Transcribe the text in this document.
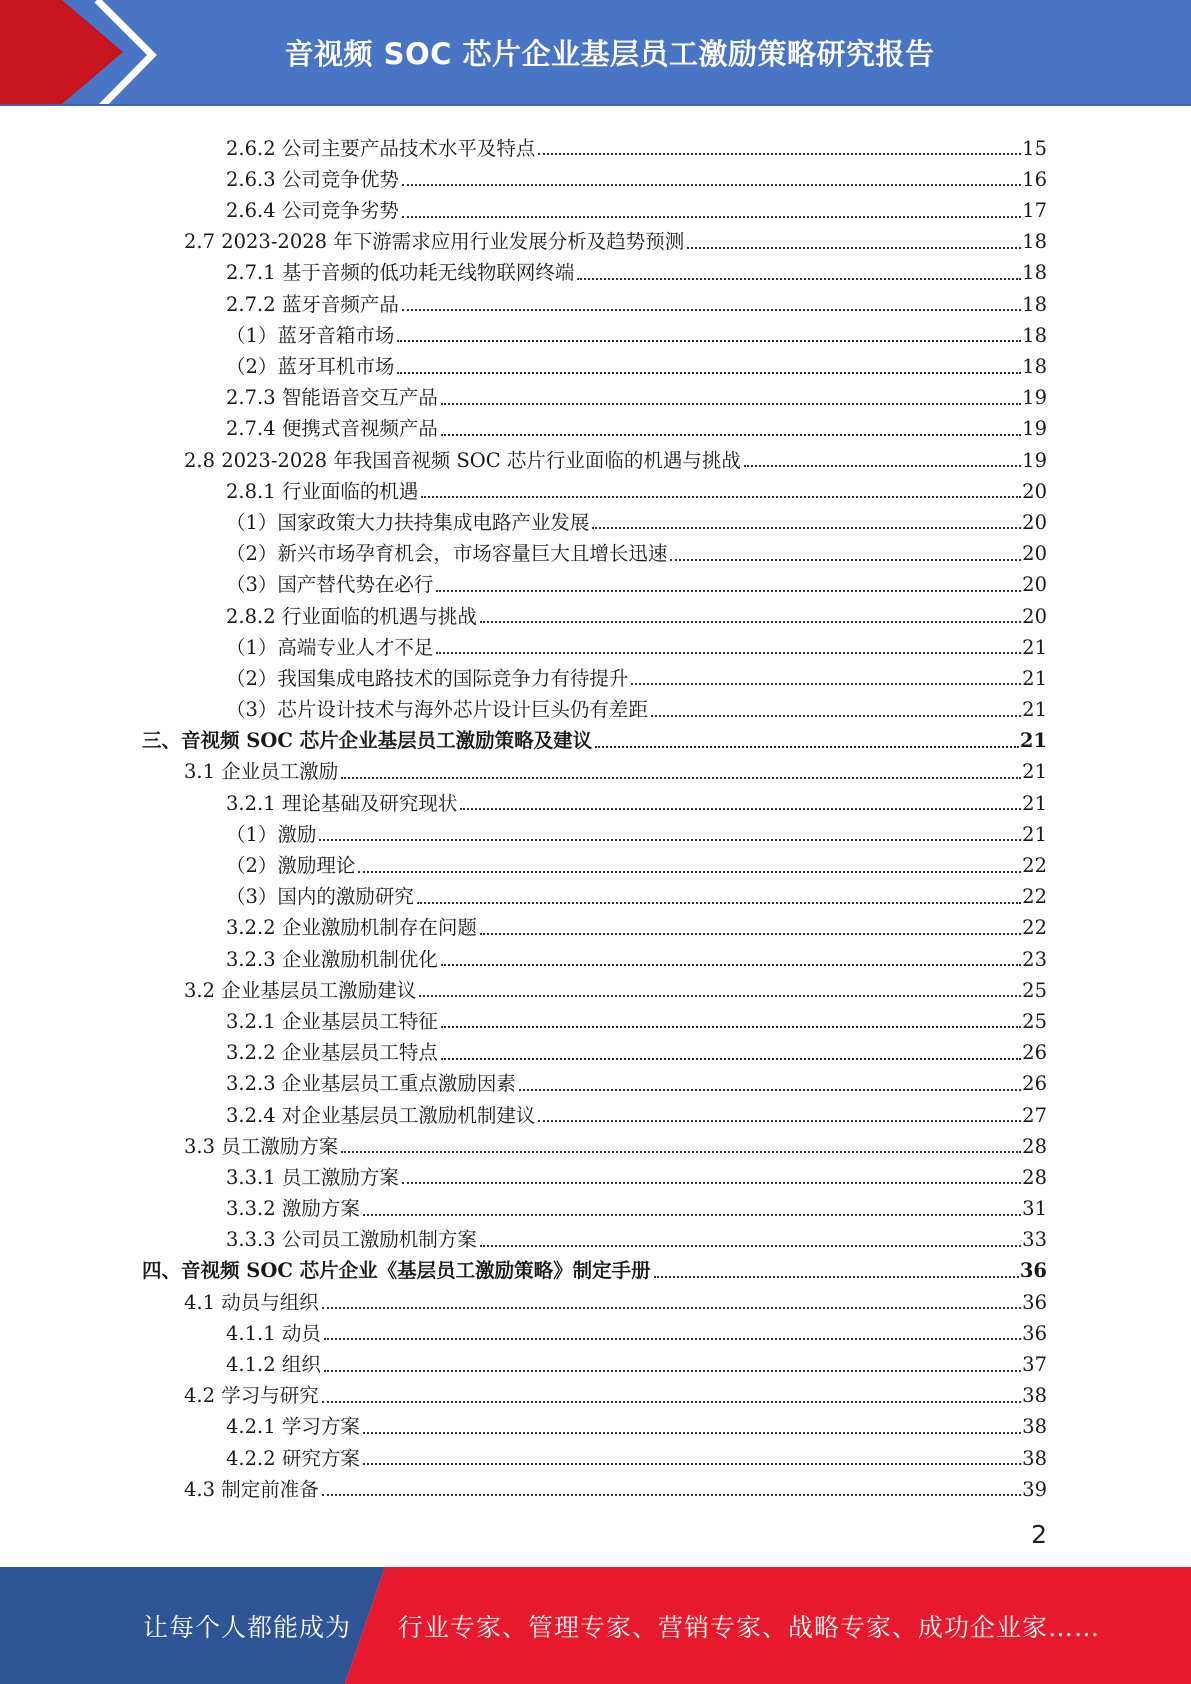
音视频 SOC 芯片企业基层员工激励策略研究报告
2.6.2 公司主要产品技术水平及特点	15
2.6.3 公司竞争优势	16
2.6.4 公司竞争劣势	17
2.7 2023-2028 年下游需求应用行业发展分析及趋势预测	18
2.7.1 基于音频的低功耗无线物联网终端	18
2.7.2 蓝牙音频产品	18
（1）蓝牙音箱市场	18
（2）蓝牙耳机市场	18
2.7.3 智能语音交互产品	19
2.7.4 便携式音视频产品	19
2.8 2023-2028 年我国音视频 SOC 芯片行业面临的机遇与挑战	19
2.8.1 行业面临的机遇	20
（1）国家政策大力扶持集成电路产业发展	20
（2）新兴市场孕育机会，市场容量巨大且增长迅速	20
（3）国产替代势在必行	20
2.8.2 行业面临的机遇与挑战	20
（1）高端专业人才不足	21
（2）我国集成电路技术的国际竞争力有待提升	21
（3）芯片设计技术与海外芯片设计巨头仍有差距	21
三、音视频 SOC 芯片企业基层员工激励策略及建议	21
3.1 企业员工激励	21
3.2.1 理论基础及研究现状	21
（1）激励	21
（2）激励理论	22
（3）国内的激励研究	22
3.2.2 企业激励机制存在问题	22
3.2.3 企业激励机制优化	23
3.2 企业基层员工激励建议	25
3.2.1 企业基层员工特征	25
3.2.2 企业基层员工特点	26
3.2.3 企业基层员工重点激励因素	26
3.2.4 对企业基层员工激励机制建议	27
3.3 员工激励方案	28
3.3.1 员工激励方案	28
3.3.2 激励方案	31
3.3.3 公司员工激励机制方案	33
四、音视频 SOC 芯片企业《基层员工激励策略》制定手册	36
4.1 动员与组织	36
4.1.1 动员	36
4.1.2 组织	37
4.2 学习与研究	38
4.2.1 学习方案	38
4.2.2 研究方案	38
4.3 制定前准备	39
2
让每个人都能成为 行业专家、管理专家、营销专家、战略专家、成功企业家……
